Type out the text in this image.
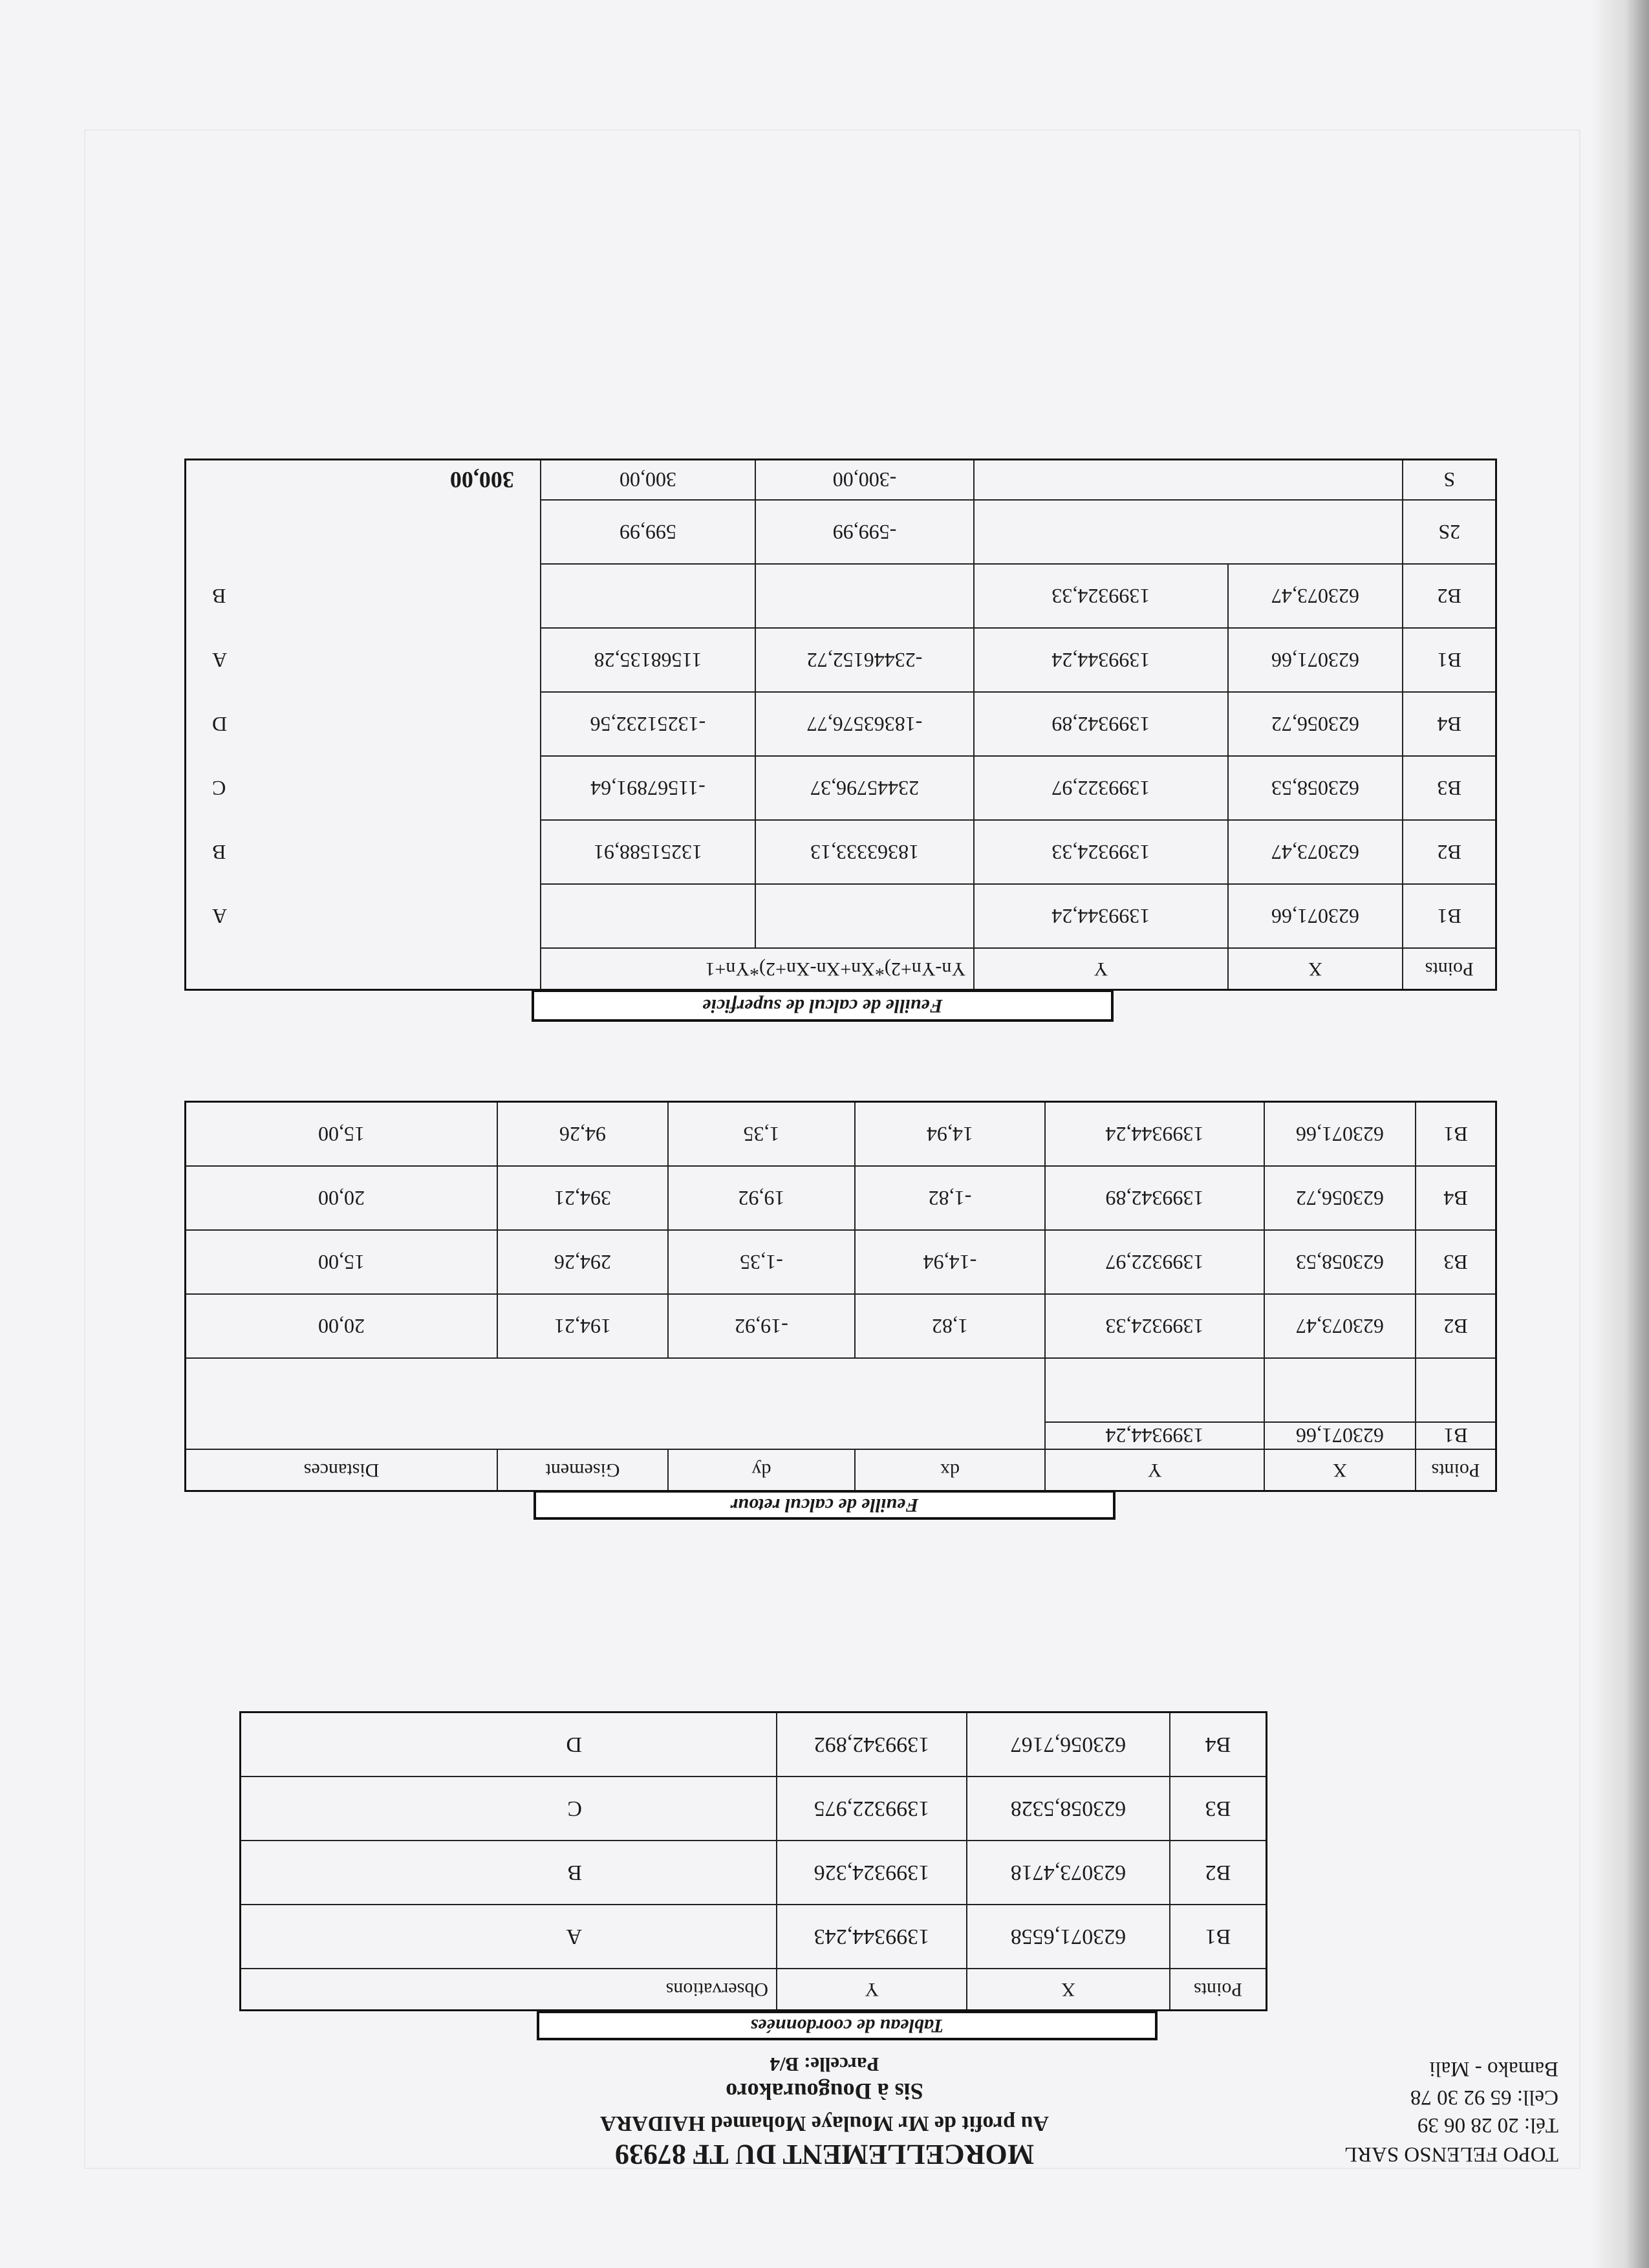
TOPO FELENSO SARL
Tél: 20 28 06 39
Cell: 65 92 30 78
Bamako - Mali
MORCELLEMENT DU TF 87939
Au profit de Mr Moulaye Mohamed HAIDARA
Sis à Dougourakoro
Parcelle: B/4
Tableau de coordonnées
Points	X	Y	Observations
B1	623071,6558	1399344,243	A
B2	623073,4718	1399324,326	B
B3	623058,5328	1399322,975	C
B4	623056,7167	1399342,892	D
Feuille de calcul retour
Points	X	Y	dx	dy	Gisement	Distances
B1	623071,66	1399344,24				

B2	623073,47	1399324,33	1,82	-19,92	194,21	20,00

B3	623058,53	1399322,97	-14,94	-1,35	294,26	15,00
B4	623056,72	1399342,89	-1,82	19,92	394,21	20,00
B1	623071,66	1399344,24	14,94	1,35	94,26	15,00
Feuille de calcul de superficie
Points	X	Y	Yn-Yn+2)*Xn+Xn-Xn+2)*Yn+1		
B1	623071,66	1399344,24			A
B2	623073,47	1399324,33	18363333,13	13251588,91	B
B3	623058,53	1399322,97	23445796,37	-11567891,64	C
B4	623056,72	1399342,89	-18363576,77	-13251232,56	D
B1	623071,66	1399344,24	-23446152,72	11568135,28	A
B2	623073,47	1399324,33			B
2S			-599,99	599,99	
S			-300,00	300,00	300,00
